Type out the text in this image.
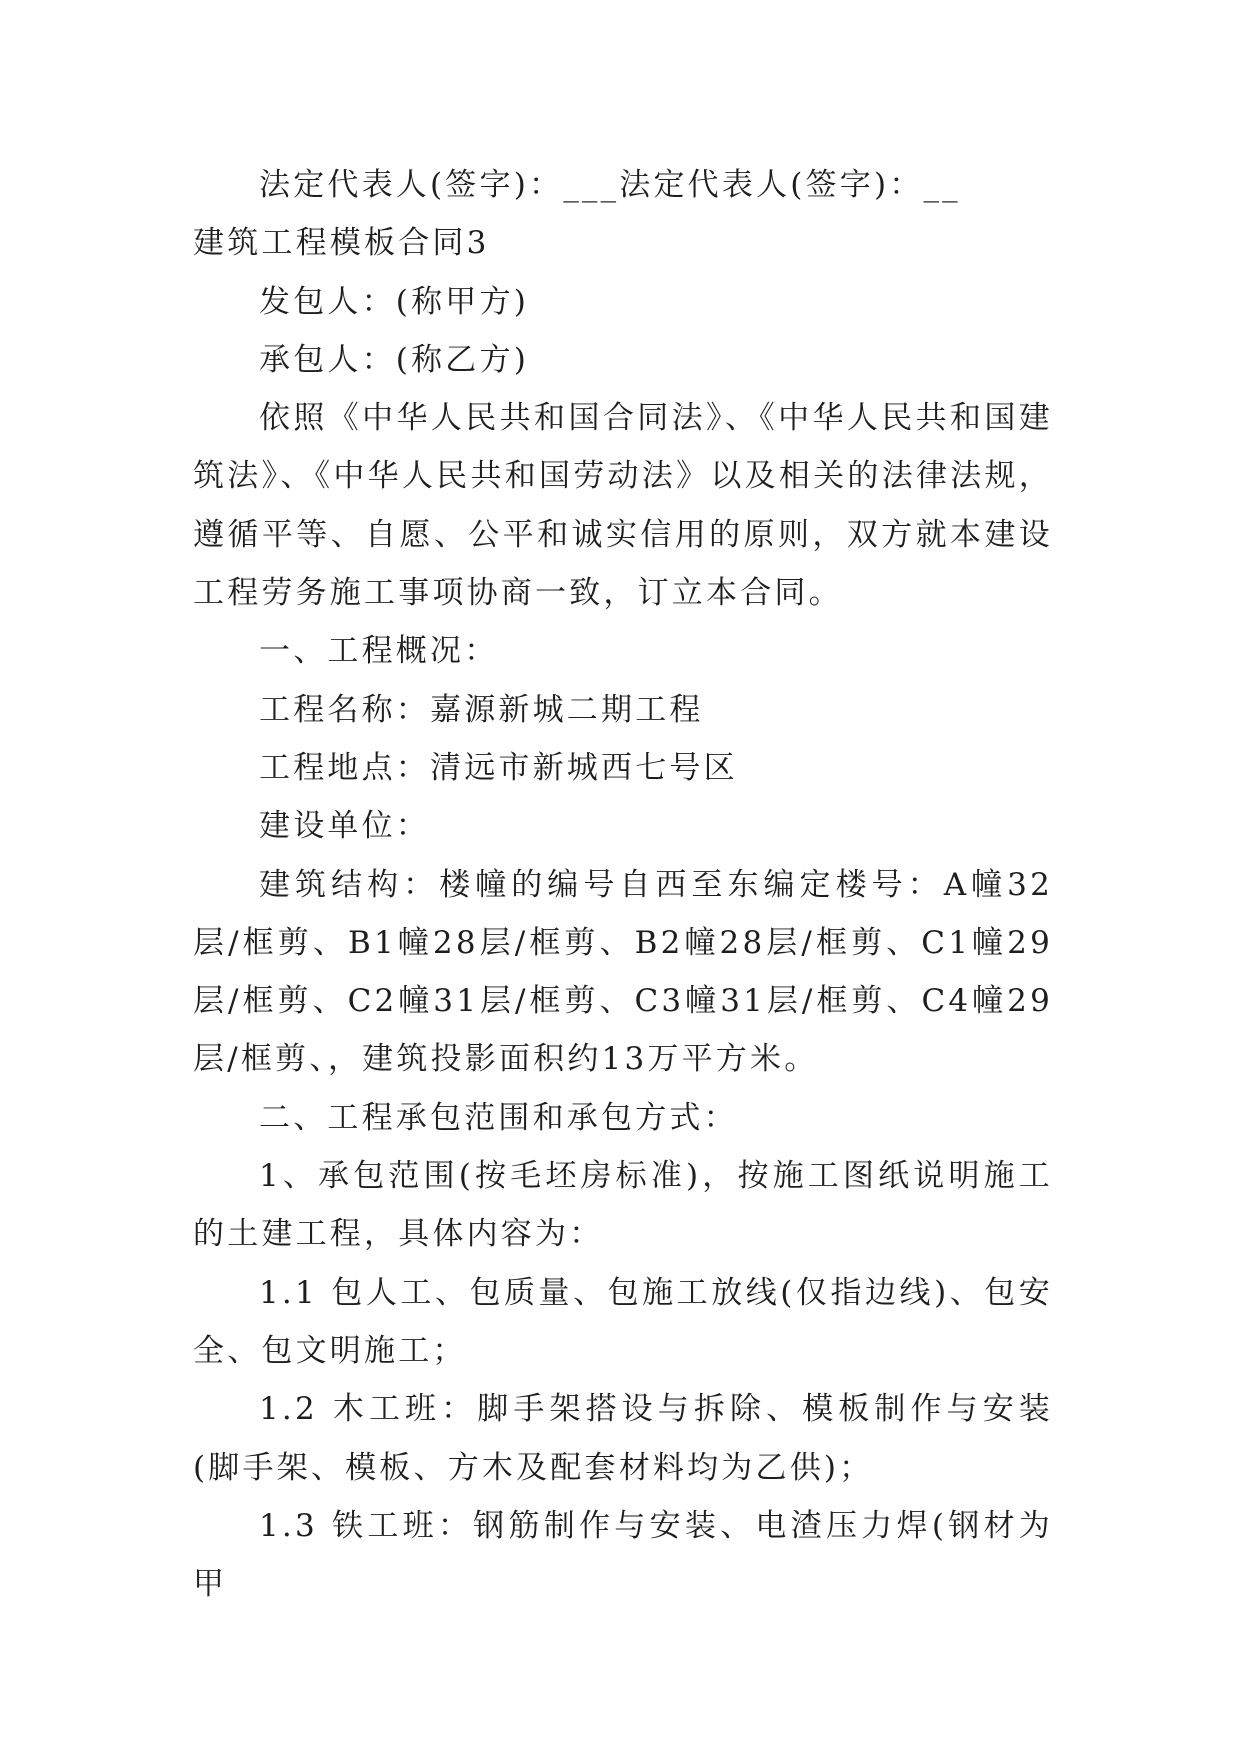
法定代表人(签字)：___法定代表人(签字)：__

建筑工程模板合同3

发包人：(称甲方)

承包人：(称乙方)

依照《中华人民共和国合同法》、《中华人民共和国建筑法》、《中华人民共和国劳动法》以及相关的法律法规，遵循平等、自愿、公平和诚实信用的原则，双方就本建设工程劳务施工事项协商一致，订立本合同。

一、工程概况：

工程名称：嘉源新城二期工程

工程地点：清远市新城西七号区

建设单位：

建筑结构：楼幢的编号自西至东编定楼号：A幢32层/框剪、B1幢28层/框剪、B2幢28层/框剪、C1幢29层/框剪、C2幢31层/框剪、C3幢31层/框剪、C4幢29层/框剪、，建筑投影面积约13万平方米。

二、工程承包范围和承包方式：

1、承包范围(按毛坯房标准)，按施工图纸说明施工的土建工程，具体内容为：

1.1 包人工、包质量、包施工放线(仅指边线)、包安全、包文明施工；

1.2 木工班：脚手架搭设与拆除、模板制作与安装(脚手架、模板、方木及配套材料均为乙供)；

1.3 铁工班：钢筋制作与安装、电渣压力焊(钢材为甲
